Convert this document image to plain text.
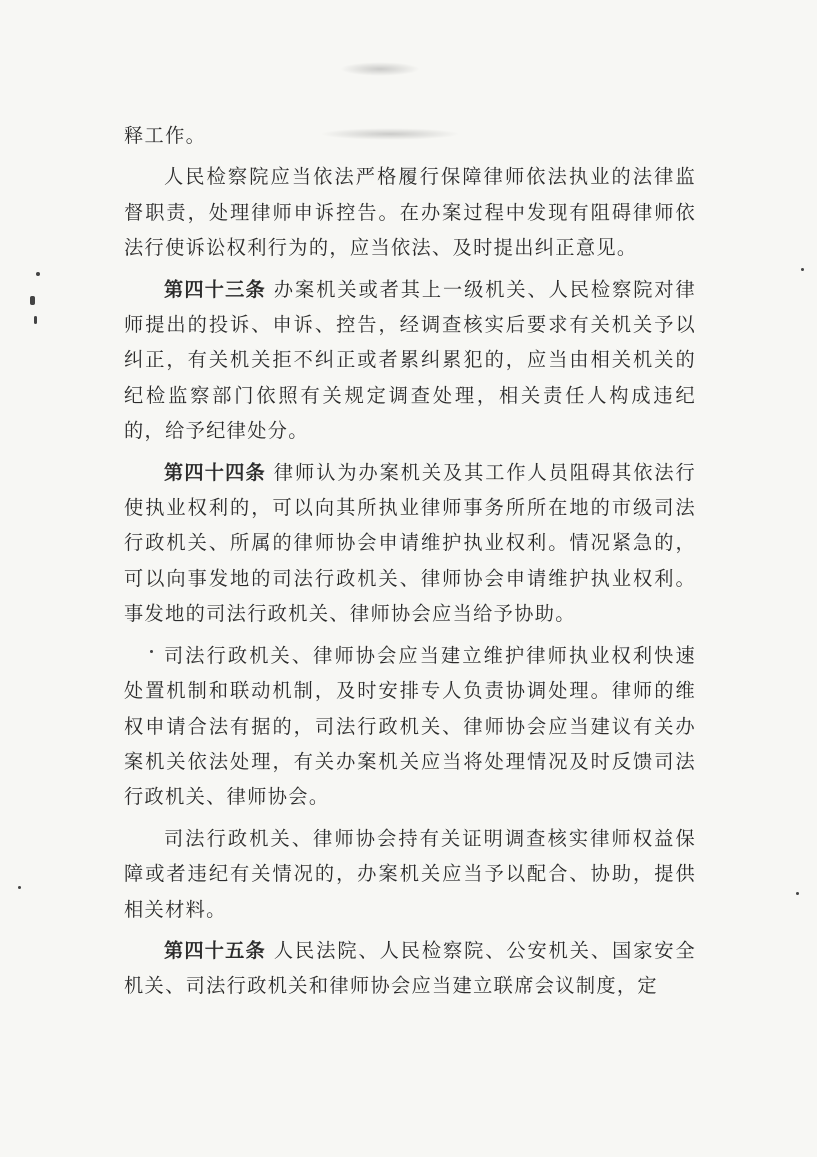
释工作。

人民检察院应当依法严格履行保障律师依法执业的法律监督职责，处理律师申诉控告。在办案过程中发现有阻碍律师依法行使诉讼权利行为的，应当依法、及时提出纠正意见。

第四十三条 办案机关或者其上一级机关、人民检察院对律师提出的投诉、申诉、控告，经调查核实后要求有关机关予以纠正，有关机关拒不纠正或者累纠累犯的，应当由相关机关的纪检监察部门依照有关规定调查处理，相关责任人构成违纪的，给予纪律处分。

第四十四条 律师认为办案机关及其工作人员阻碍其依法行使执业权利的，可以向其所执业律师事务所所在地的市级司法行政机关、所属的律师协会申请维护执业权利。情况紧急的，可以向事发地的司法行政机关、律师协会申请维护执业权利。事发地的司法行政机关、律师协会应当给予协助。

司法行政机关、律师协会应当建立维护律师执业权利快速处置机制和联动机制，及时安排专人负责协调处理。律师的维权申请合法有据的，司法行政机关、律师协会应当建议有关办案机关依法处理，有关办案机关应当将处理情况及时反馈司法行政机关、律师协会。

司法行政机关、律师协会持有关证明调查核实律师权益保障或者违纪有关情况的，办案机关应当予以配合、协助，提供相关材料。

第四十五条 人民法院、人民检察院、公安机关、国家安全机关、司法行政机关和律师协会应当建立联席会议制度，定
